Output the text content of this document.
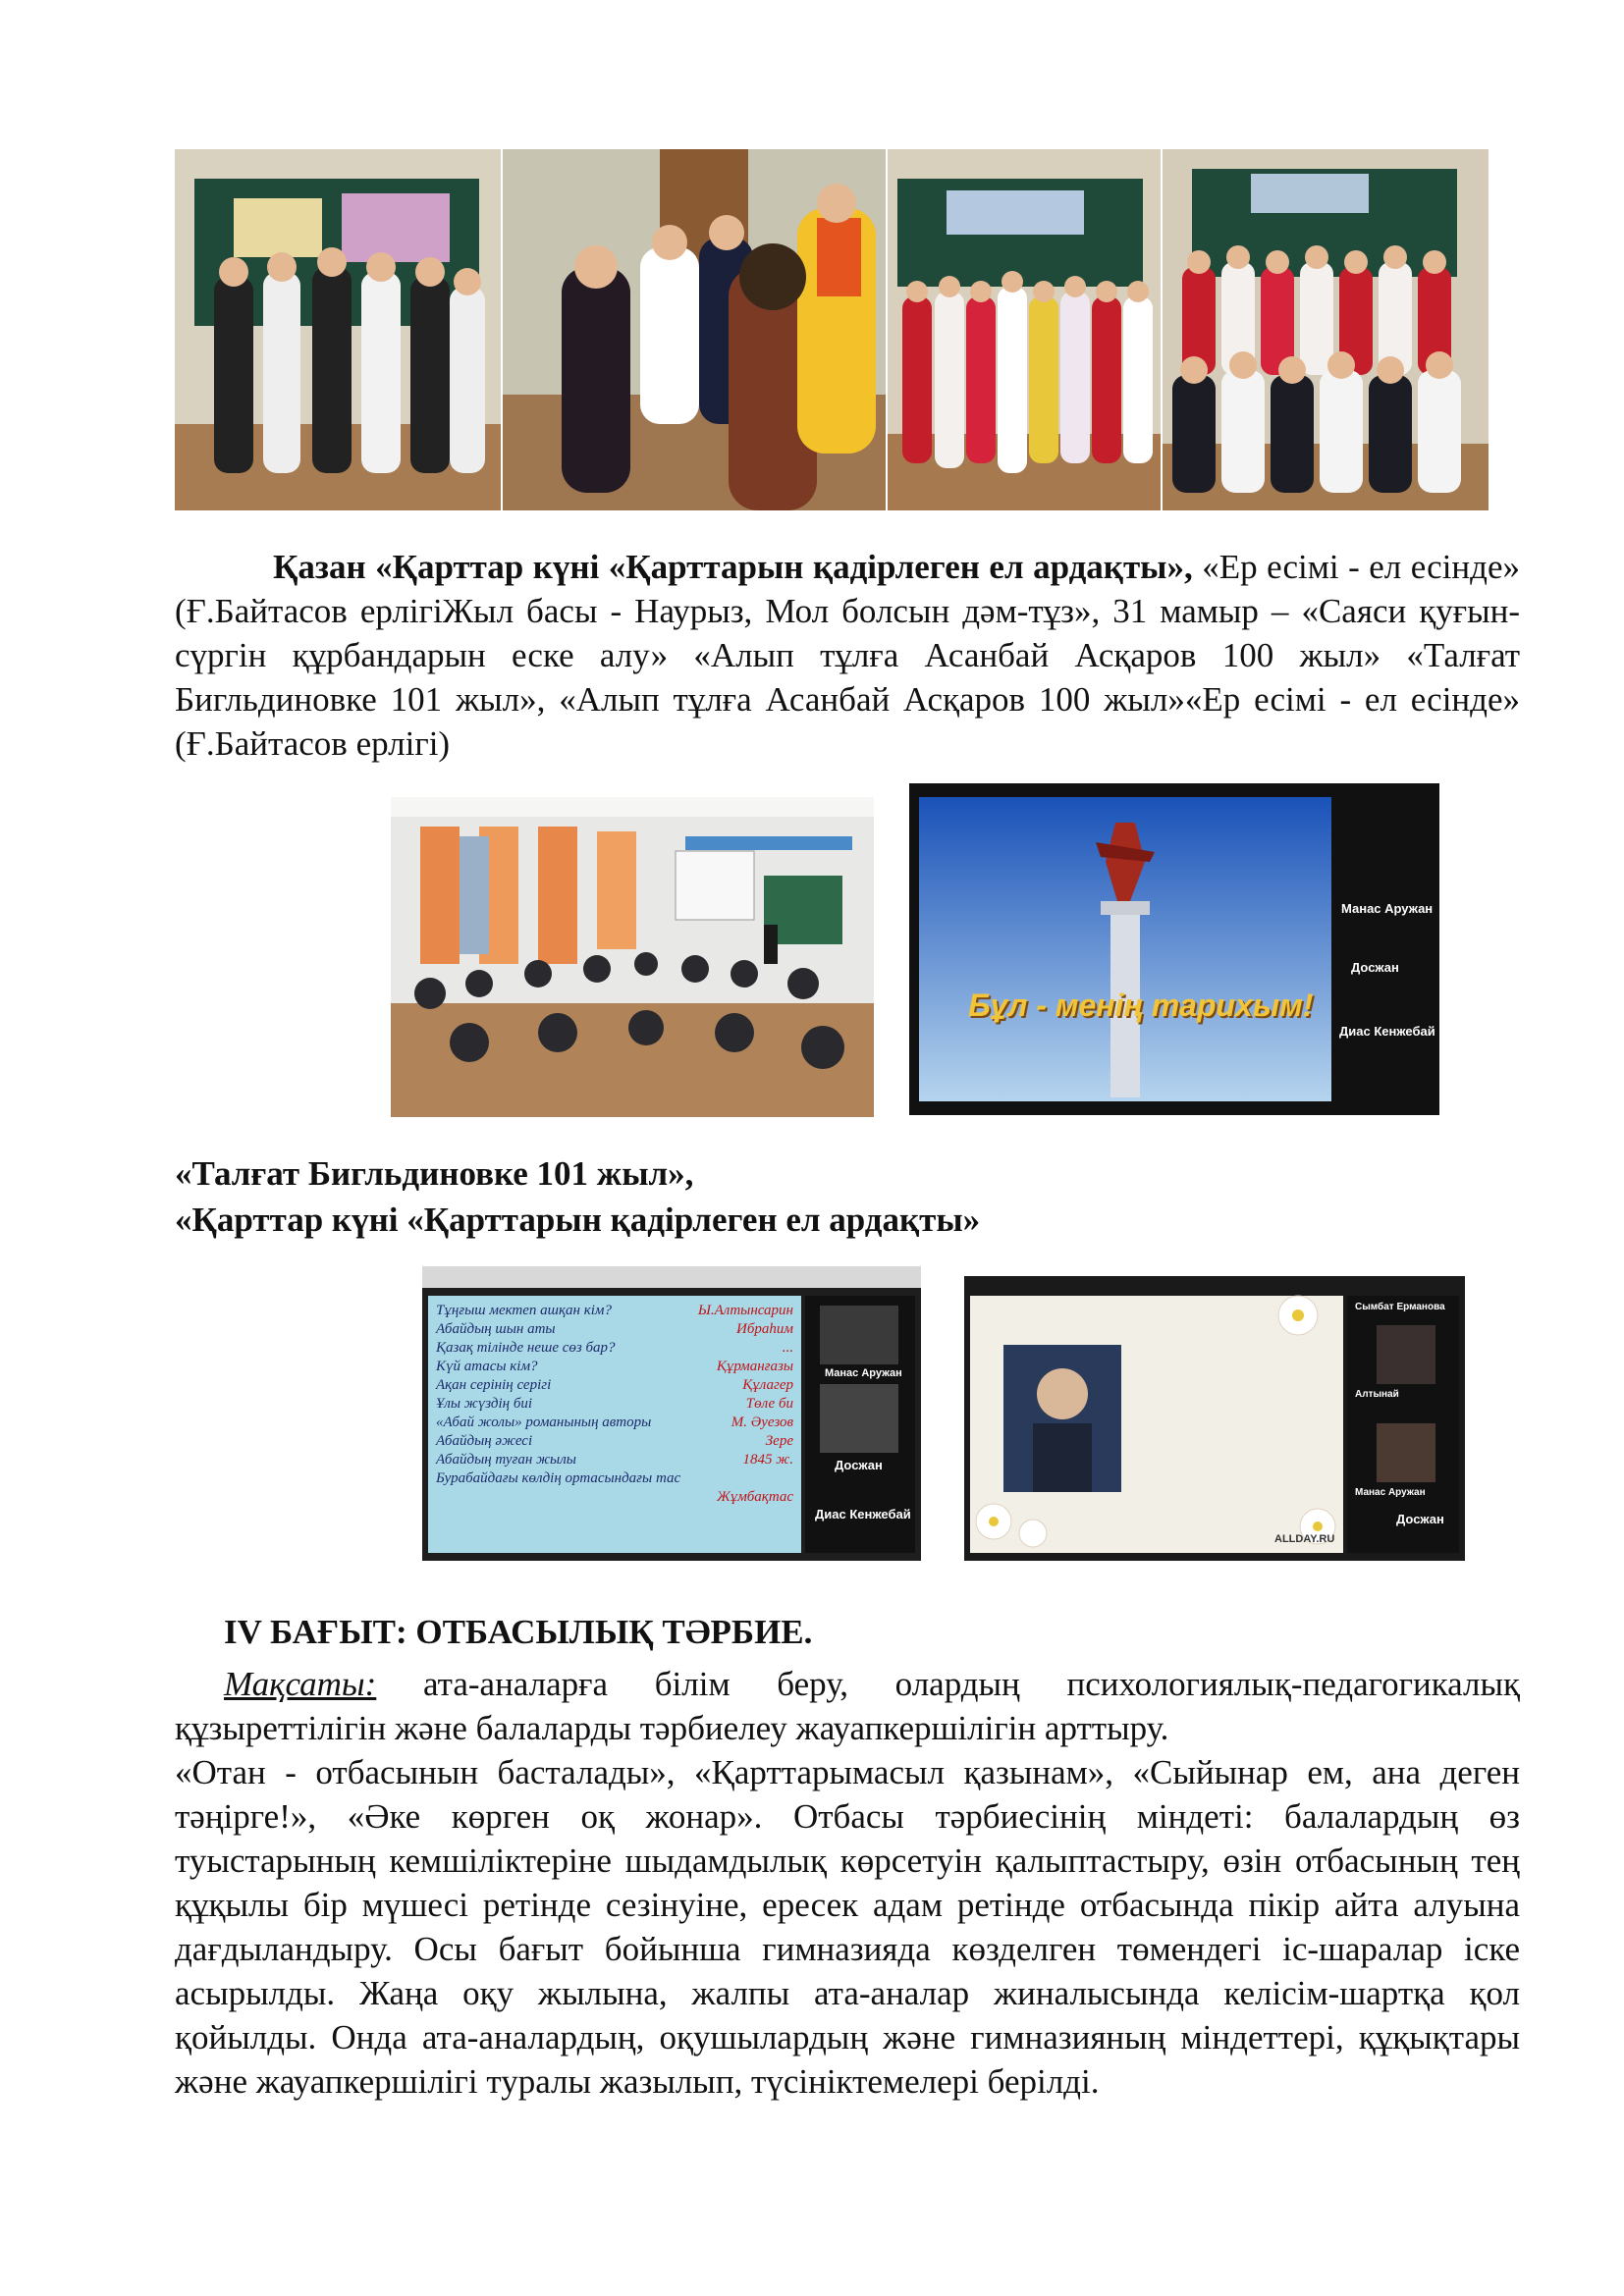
Қазан «Қарттар күні «Қарттарын қадірлеген ел ардақты», «Ер есімі - ел есінде» (Ғ.Байтасов ерлігіЖыл басы - Наурыз, Мол болсын дәм-тұз», 31 мамыр – «Саяси қуғын- сүргін құрбандарын еске алу» «Алып тұлға Асанбай Асқаров 100 жыл» «Талғат Бигльдиновке 101 жыл», «Алып тұлға Асанбай Асқаров 100 жыл»«Ер есімі - ел есінде» (Ғ.Байтасов ерлігі)
Бұл - менің тарихым!
Манас Аружан
Досжан
Диас Кенжебай
«Талғат Бигльдиновке 101 жыл»,
«Қарттар күні «Қарттарын қадірлеген ел ардақты»
Тұңғыш мектеп ашқан кім?	Ы.Алтынсарин
Абайдың шын аты	Ибраһим
Қазақ тілінде неше сөз бар?	...
Күй атасы кім?	Құрманғазы
Ақан серінің серігі	Құлагер
Ұлы жүздің биі	Төле би
«Абай жолы» романының авторы	М. Әуезов
Абайдың әжесі	Зере
Абайдың туған жылы	1845 ж.
Бурабайдағы көлдің ортасындағы тас
Жұмбақтас
Манас Аружан
Досжан
Диас Кенжебай
ALLDAY.RU
Сымбат Ерманова
Алтынай
Манас Аружан
Досжан
IV БАҒЫТ: ОТБАСЫЛЫҚ ТӘРБИЕ.
Мақсаты: ата-аналарға білім беру, олардың психологиялық-педагогикалық құзыреттілігін және балаларды тәрбиелеу жауапкершілігін арттыру.
«Отан - отбасынын басталады», «Қарттарымасыл қазынам», «Сыйынар ем, ана деген тәңірге!», «Әке көрген оқ жонар». Отбасы тәрбиесінің міндеті: балалардың өз туыстарының кемшіліктеріне шыдамдылық көрсетуін қалыптастыру, өзін отбасының тең құқылы бір мүшесі ретінде сезінуіне, ересек адам ретінде отбасында пікір айта алуына дағдыландыру. Осы бағыт бойынша гимназияда көзделген төмендегі іс-шаралар іске асырылды. Жаңа оқу жылына, жалпы ата-аналар жиналысында келісім-шартқа қол қойылды. Онда ата-аналардың, оқушылардың және гимназияның міндеттері, құқықтары және жауапкершілігі туралы жазылып, түсініктемелері берілді.
